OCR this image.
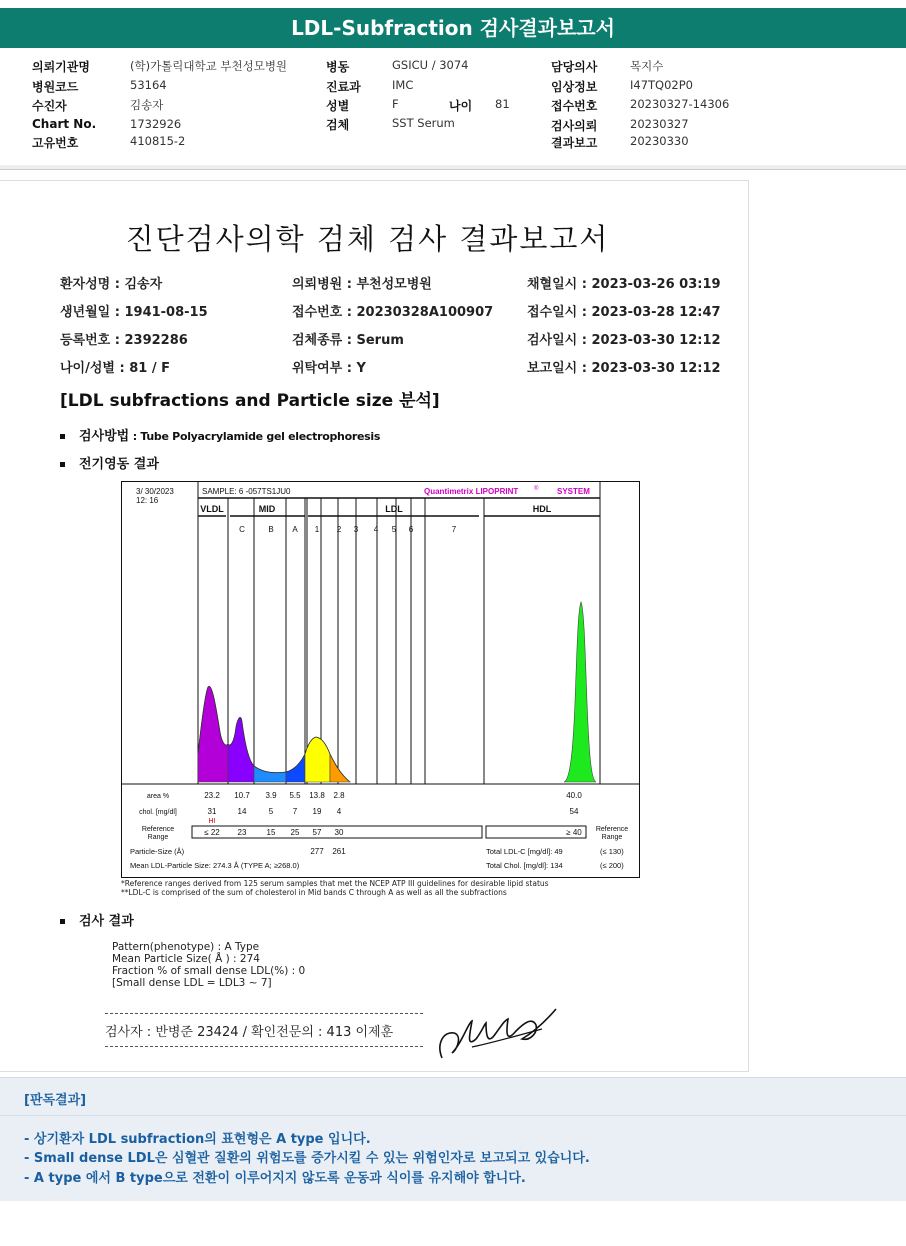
LDL-Subfraction 검사결과보고서
의뢰기관명	(학)가톨릭대학교 부천성모병원
병원코드	53164
수진자	김송자
Chart No.	1732926
고유번호	410815-2
병동	GSICU / 3074
진료과	IMC
성별	F	나이 81
검체	SST Serum
담당의사	목지수
임상정보	I47TQ02P0
접수번호	20230327-14306
검사의뢰	20230327
결과보고	20230330
진단검사의학 검체 검사 결과보고서
환자성명 : 김송자
생년월일 : 1941-08-15
등록번호 : 2392286
나이/성별 : 81 / F
의뢰병원 : 부천성모병원
접수번호 : 20230328A100907
검체종류 : Serum
위탁여부 : Y
채혈일시 : 2023-03-26 03:19
접수일시 : 2023-03-28 12:47
검사일시 : 2023-03-30 12:12
보고일시 : 2023-03-30 12:12
[LDL subfractions and Particle size 분석]
검사방법 : Tube Polyacrylamide gel electrophoresis
전기영동 결과
3/ 30/2023
12: 16
SAMPLE: 6 -057TS1JU0	Quantimetrix LIPOPRINT	® SYSTEM
VLDL	MID	LDL	HDL
C	B A 1 2 3 4 5 6	7
area %	23.2 10.7 3.9 5.5 13.8 2.8	40.0
chol. [mg/dl]	31	14	5 7 19 4	54
HI
Reference
Range
Reference
Range
≤ 22 23	15 25 57 30	≥ 40
Particle-Size (Å)	277 261
Mean LDL-Particle Size: 274.3 Å (TYPE A; ≥268.0)
Total LDL-C [mg/dl]: 49	(≤ 130)
Total Chol. [mg/dl]: 134	(≤ 200)
*Reference ranges derived from 125 serum samples that met the NCEP ATP III guidelines for desirable lipid status
**LDL-C is comprised of the sum of cholesterol in Mid bands C through A as well as all the subfractions
검사 결과
Pattern(phenotype) : A Type
Mean Particle Size( Å ) : 274
Fraction % of small dense LDL(%) : 0
[Small dense LDL = LDL3 ~ 7]
검사자 : 반병준 23424 / 확인전문의 : 413 이제훈
[판독결과]
- 상기환자 LDL subfraction의 표현형은 A type 입니다.
- Small dense LDL은 심혈관 질환의 위험도를 증가시킬 수 있는 위험인자로 보고되고 있습니다.
- A type 에서 B type으로 전환이 이루어지지 않도록 운동과 식이를 유지해야 합니다.
